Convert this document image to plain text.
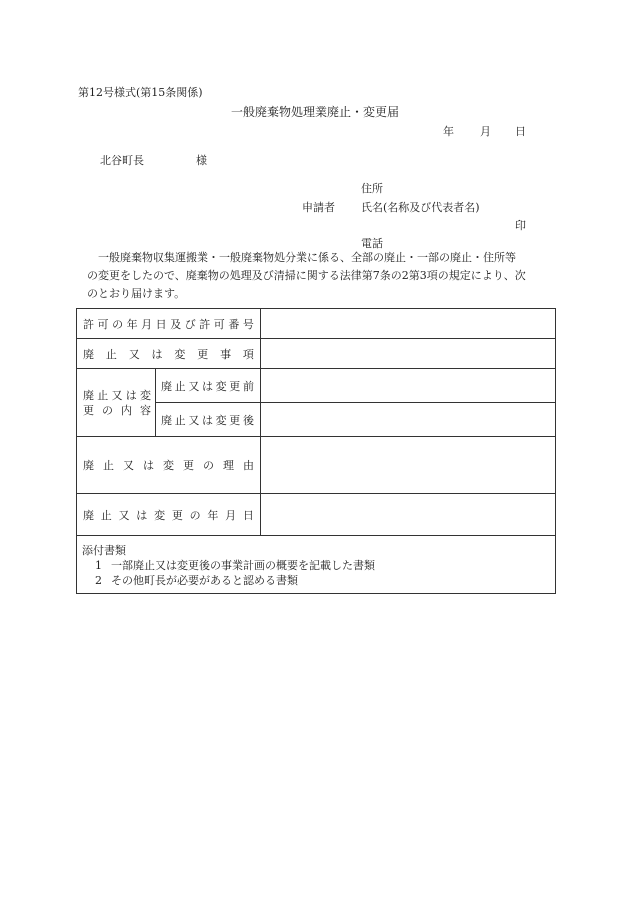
第12号様式(第15条関係)
一般廃棄物処理業廃止・変更届
年 月 日
北谷町長	様
住所
申請者 氏名(名称及び代表者名)
印
電話
一般廃棄物収集運搬業・一般廃棄物処分業に係る、全部の廃止・一部の廃止・住所等
の変更をしたので、廃棄物の処理及び清掃に関する法律第7条の2第3項の規定により、次
のとおり届けます。
許 可 の 年 月 日 及 び 許 可 番 号
廃 止 又 は 変 更 事 項
廃 止 又 は 変
更 の 内 容
廃 止 又 は 変 更 前
廃 止 又 は 変 更 後
廃 止 又 は 変 更 の 理 由
廃 止 又 は 変 更 の 年 月 日
添付書類
1 一部廃止又は変更後の事業計画の概要を記載した書類
2 その他町長が必要があると認める書類
